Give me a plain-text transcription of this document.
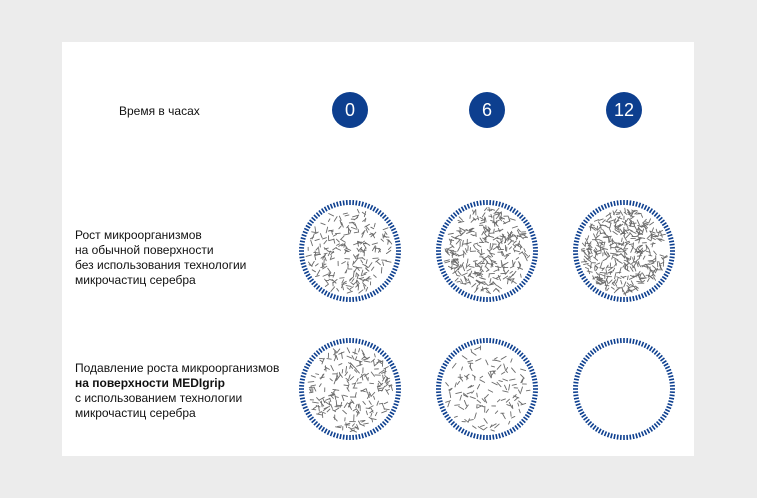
Время в часах	0	6	12
Рост микроорганизмов
на обычной поверхности
без использования технологии
микрочастиц серебра
Подавление роста микроорганизмов
на поверхности MEDIgrip
с использованием технологии
микрочастиц серебра
